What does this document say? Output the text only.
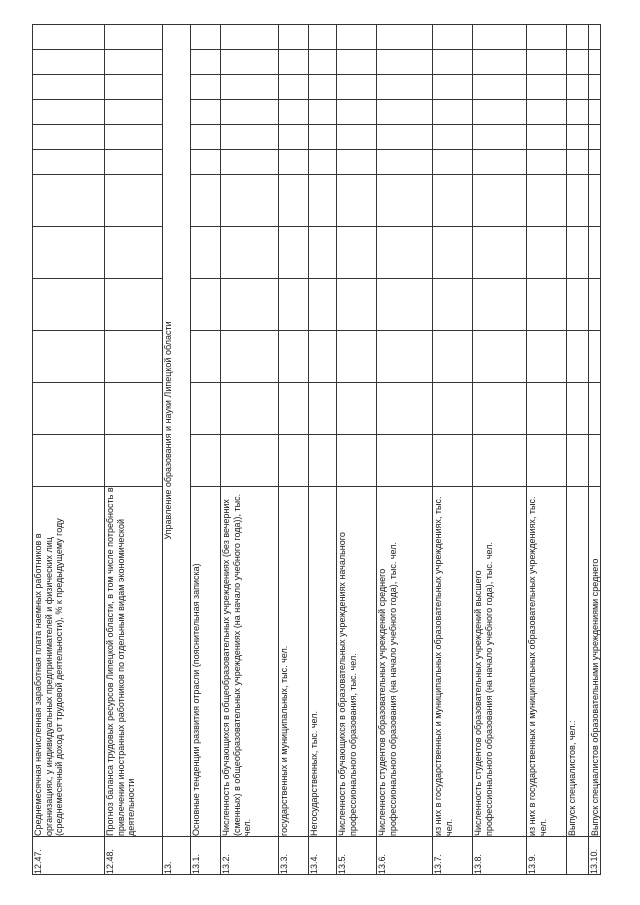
12.47.	Среднемесячная начисленная заработная плата наемных работников в организациях, у индивидуальных предпринимателей и физических лиц (среднемесячный доход от трудовой деятельности), % к предыдущему году												
12.48.	Прогноз баланса трудовых ресурсов Липецкой области, в том числе потребность в привлечении иностранных работников по отдельным видам экономической деятельности												
13.	Управление образования и науки Липецкой области												
13.1.	Основные тенденции развития отрасли (пояснительная записка)												
13.2.	Численность обучающихся в общеобразовательных учреждениях (без вечерних (сменных) в общеобразовательных учреждениях (на начало учебного года)), тыс. чел.												
13.3.	государственных и муниципальных, тыс. чел.												
13.4.	Негосударственных, тыс. чел.												
13.5.	Численность обучающихся в образовательных учреждениях начального профессионального образования, тыс. чел.												
13.6.	Численность студентов образовательных учреждений среднего профессионального образования (на начало учебного года), тыс. чел.												
13.7.	из них в государственных и муниципальных образовательных учреждениях, тыс. чел.												
13.8.	Численность студентов образовательных учреждений высшего профессионального образования (на начало учебного года), тыс. чел.												
13.9.	из них в государственных и муниципальных образовательных учреждениях, тыс. чел.												
	Выпуск специалистов, чел.:												

13.10.	Выпуск специалистов образовательными учреждениями среднего												
